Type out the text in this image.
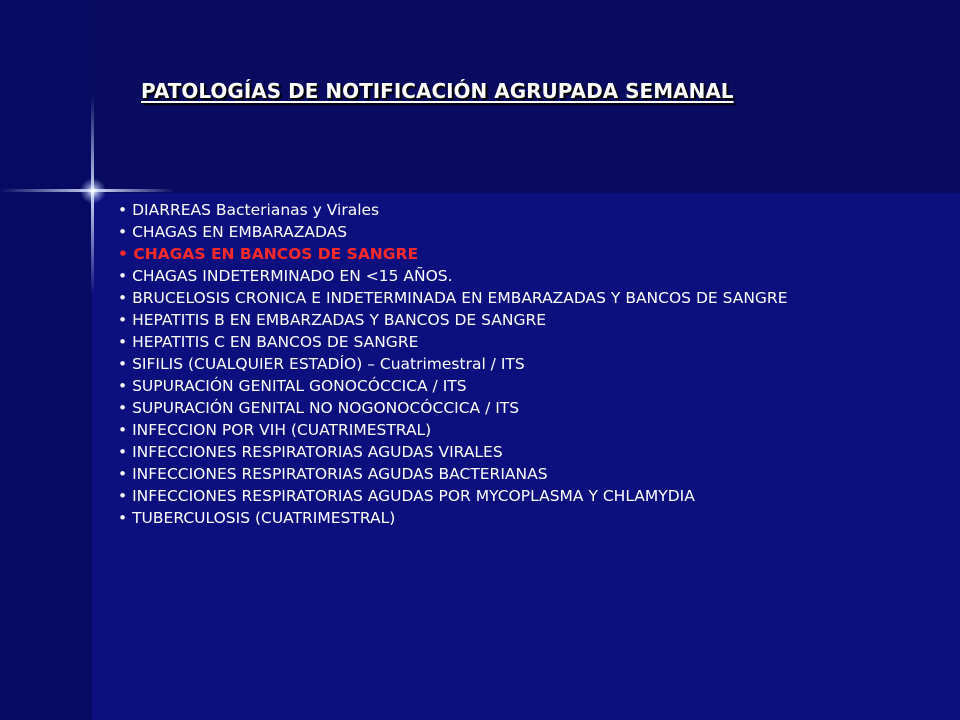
PATOLOGÍAS DE NOTIFICACIÓN AGRUPADA SEMANAL
• DIARREAS Bacterianas y Virales
• CHAGAS EN EMBARAZADAS
• CHAGAS EN BANCOS DE SANGRE
• CHAGAS INDETERMINADO EN <15 AÑOS.
• BRUCELOSIS CRONICA E INDETERMINADA EN EMBARAZADAS Y BANCOS DE SANGRE
• HEPATITIS B EN EMBARZADAS Y BANCOS DE SANGRE
• HEPATITIS C EN BANCOS DE SANGRE
• SIFILIS (CUALQUIER ESTADÍO) – Cuatrimestral / ITS
• SUPURACIÓN GENITAL GONOCÓCCICA / ITS
• SUPURACIÓN GENITAL NO NOGONOCÓCCICA / ITS
• INFECCION POR VIH (CUATRIMESTRAL)
• INFECCIONES RESPIRATORIAS AGUDAS VIRALES
• INFECCIONES RESPIRATORIAS AGUDAS BACTERIANAS
• INFECCIONES RESPIRATORIAS AGUDAS POR MYCOPLASMA Y CHLAMYDIA
• TUBERCULOSIS (CUATRIMESTRAL)
